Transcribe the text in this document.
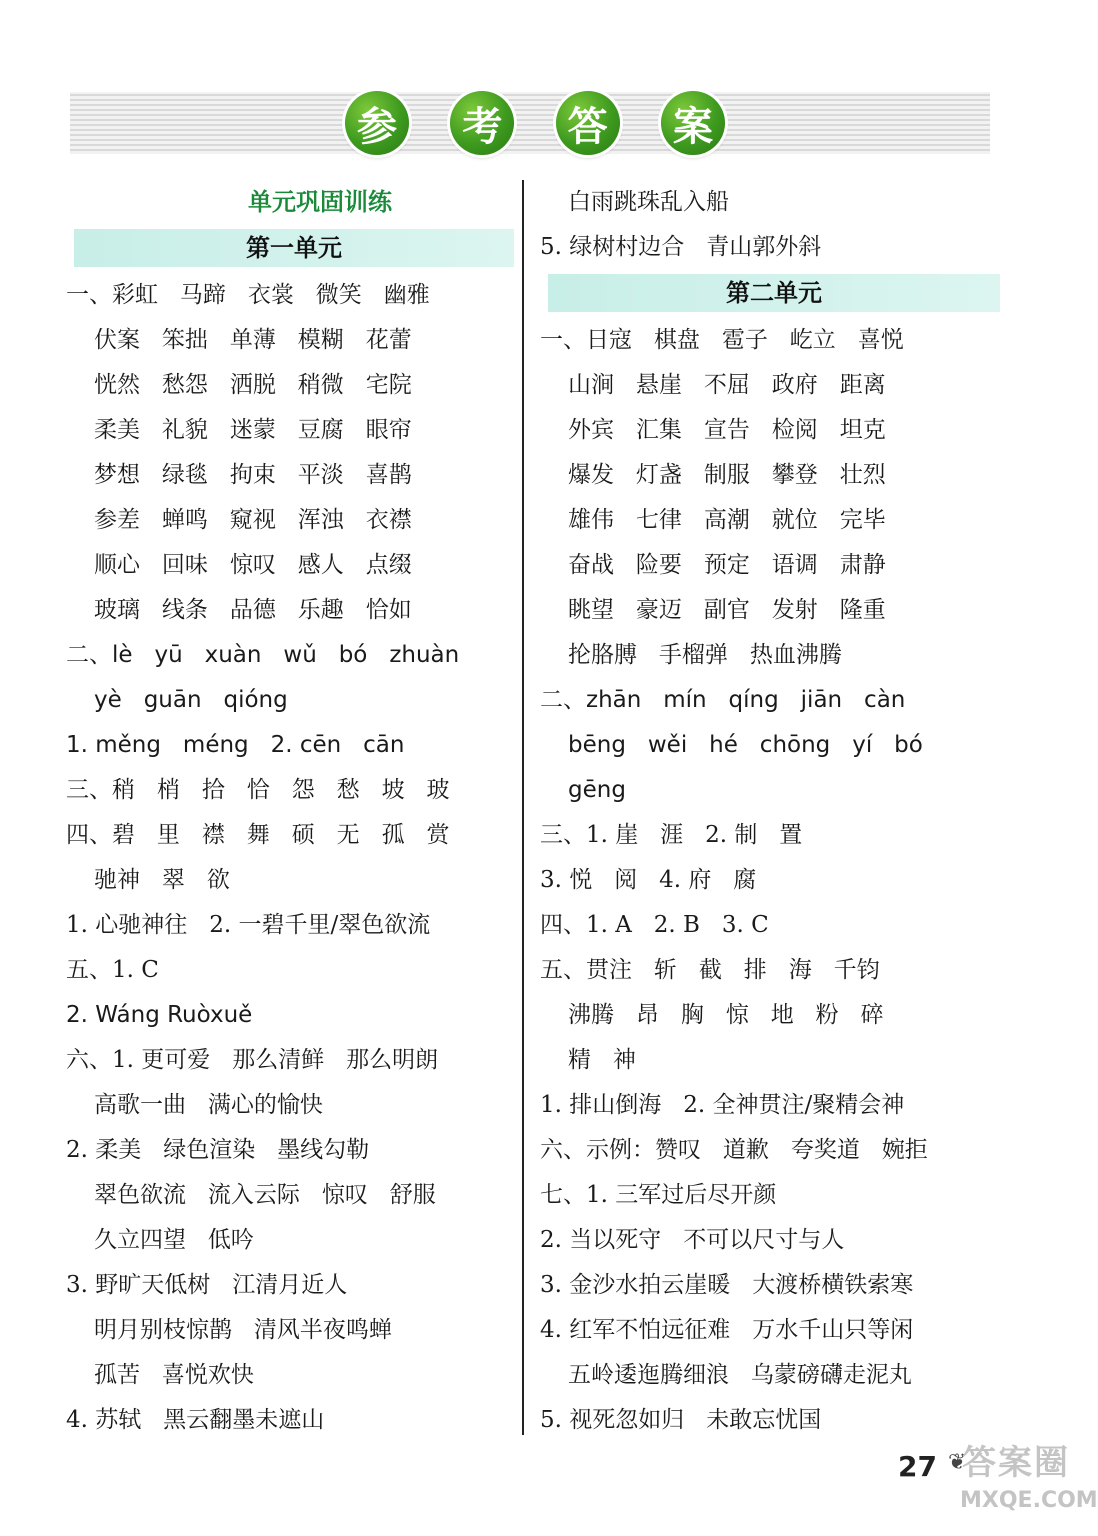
参	考	答	案
单元巩固训练
第一单元
一、彩虹   马蹄   衣裳   微笑   幽雅
伏案   笨拙   单薄   模糊   花蕾
恍然   愁怨   洒脱   稍微   宅院
柔美   礼貌   迷蒙   豆腐   眼帘
梦想   绿毯   拘束   平淡   喜鹊
参差   蝉鸣   窥视   浑浊   衣襟
顺心   回味   惊叹   感人   点缀
玻璃   线条   品德   乐趣   恰如
二、lè   yū   xuàn   wǔ   bó   zhuàn
yè   guān   qióng
1. měng   méng   2. cēn   cān
三、稍   梢   拾   恰   怨   愁   坡   玻
四、碧   里   襟   舞   硕   无   孤   赏
驰神   翠   欲
1. 心驰神往   2. 一碧千里/翠色欲流
五、1. C
2. Wáng Ruòxuě
六、1. 更可爱   那么清鲜   那么明朗
高歌一曲   满心的愉快
2. 柔美   绿色渲染   墨线勾勒
翠色欲流   流入云际   惊叹   舒服
久立四望   低吟
3. 野旷天低树   江清月近人
明月别枝惊鹊   清风半夜鸣蝉
孤苦   喜悦欢快
4. 苏轼   黑云翻墨未遮山
白雨跳珠乱入船
5. 绿树村边合   青山郭外斜
第二单元
一、日寇   棋盘   雹子   屹立   喜悦
山涧   悬崖   不屈   政府   距离
外宾   汇集   宣告   检阅   坦克
爆发   灯盏   制服   攀登   壮烈
雄伟   七律   高潮   就位   完毕
奋战   险要   预定   语调   肃静
眺望   豪迈   副官   发射   隆重
抡胳膊   手榴弹   热血沸腾
二、zhān   mín   qíng   jiān   càn
bēng   wěi   hé   chōng   yí   bó
gēng
三、1. 崖   涯   2. 制   置
3. 悦   阅   4. 府   腐
四、1. A   2. B   3. C
五、贯注   斩   截   排   海   千钧
沸腾   昂   胸   惊   地   粉   碎
精   神
1. 排山倒海   2. 全神贯注/聚精会神
六、示例：赞叹   道歉   夸奖道   婉拒
七、1. 三军过后尽开颜
2. 当以死守   不可以尺寸与人
3. 金沙水拍云崖暖   大渡桥横铁索寒
4. 红军不怕远征难   万水千山只等闲
五岭逶迤腾细浪   乌蒙磅礴走泥丸
5. 视死忽如归   未敢忘忧国
27 ❦
答案圈
MXQE.COM
